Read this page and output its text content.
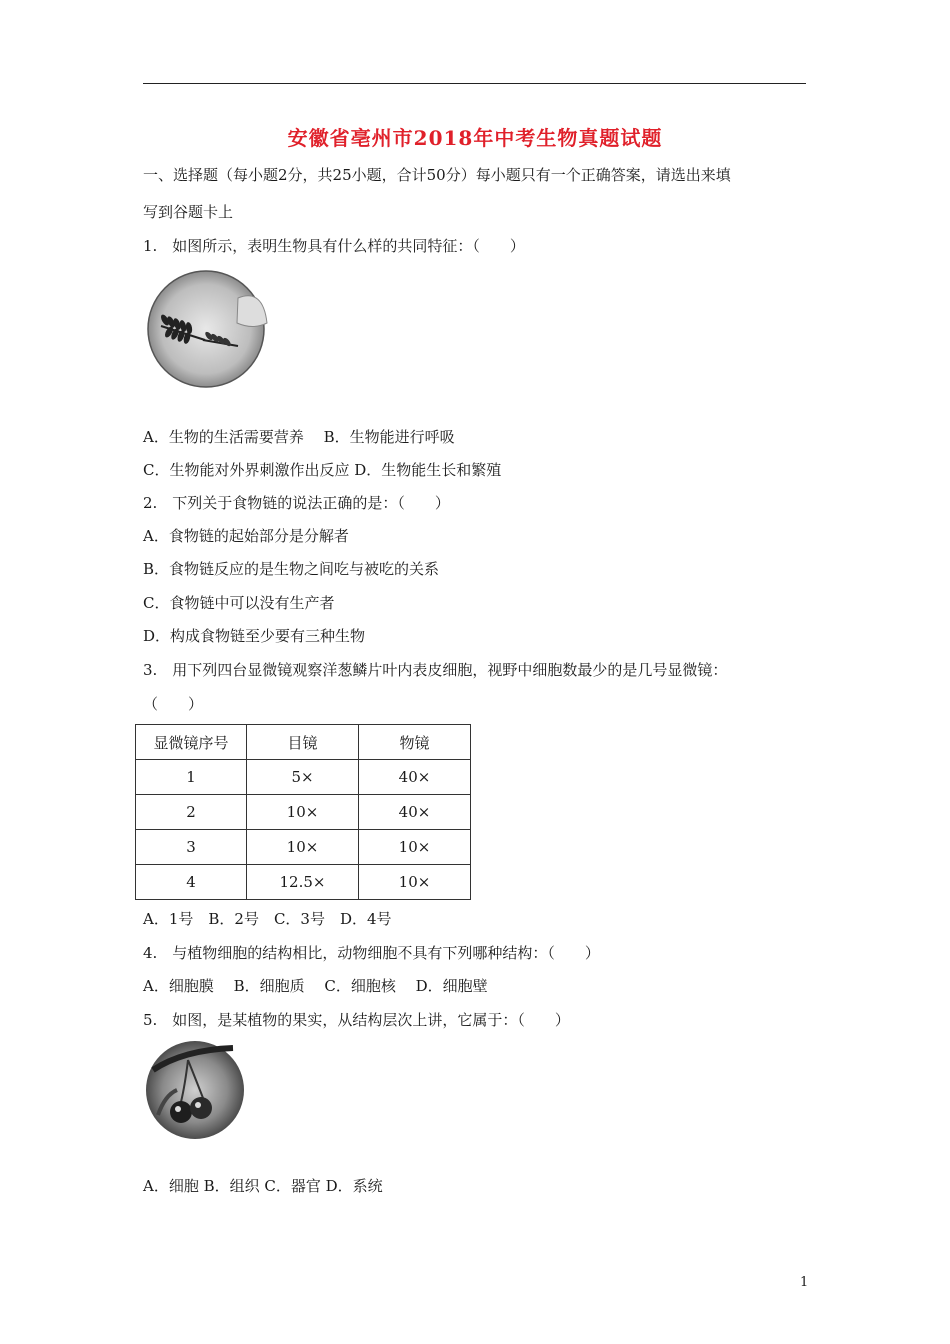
安徽省亳州市2018年中考生物真题试题
一、选择题（每小题2分，共25小题，合计50分）每小题只有一个正确答案，请选出来填
写到谷题卡上
1.　如图所示，表明生物具有什么样的共同特征：（　　）
A．生物的生活需要营养　 B．生物能进行呼吸
C．生物能对外界刺激作出反应 D．生物能生长和繁殖
2.　下列关于食物链的说法正确的是：（　　）
A．食物链的起始部分是分解者
B．食物链反应的是生物之间吃与被吃的关系
C．食物链中可以没有生产者
D．构成食物链至少要有三种生物
3.　用下列四台显微镜观察洋葱鳞片叶内表皮细胞，视野中细胞数最少的是几号显微镜：
（　　）
显微镜序号	目镜	物镜
1	5×	40×
2	10×	40×
3	10×	10×
4	12.5×	10×
A．1号　B．2号　C．3号　D．4号
4.　与植物细胞的结构相比，动物细胞不具有下列哪种结构：（　　）
A．细胞膜　 B．细胞质　 C．细胞核　 D．细胞壁
5.　如图，是某植物的果实，从结构层次上讲，它属于：（　　）
A．细胞 B．组织 C．器官 D．系统
1
